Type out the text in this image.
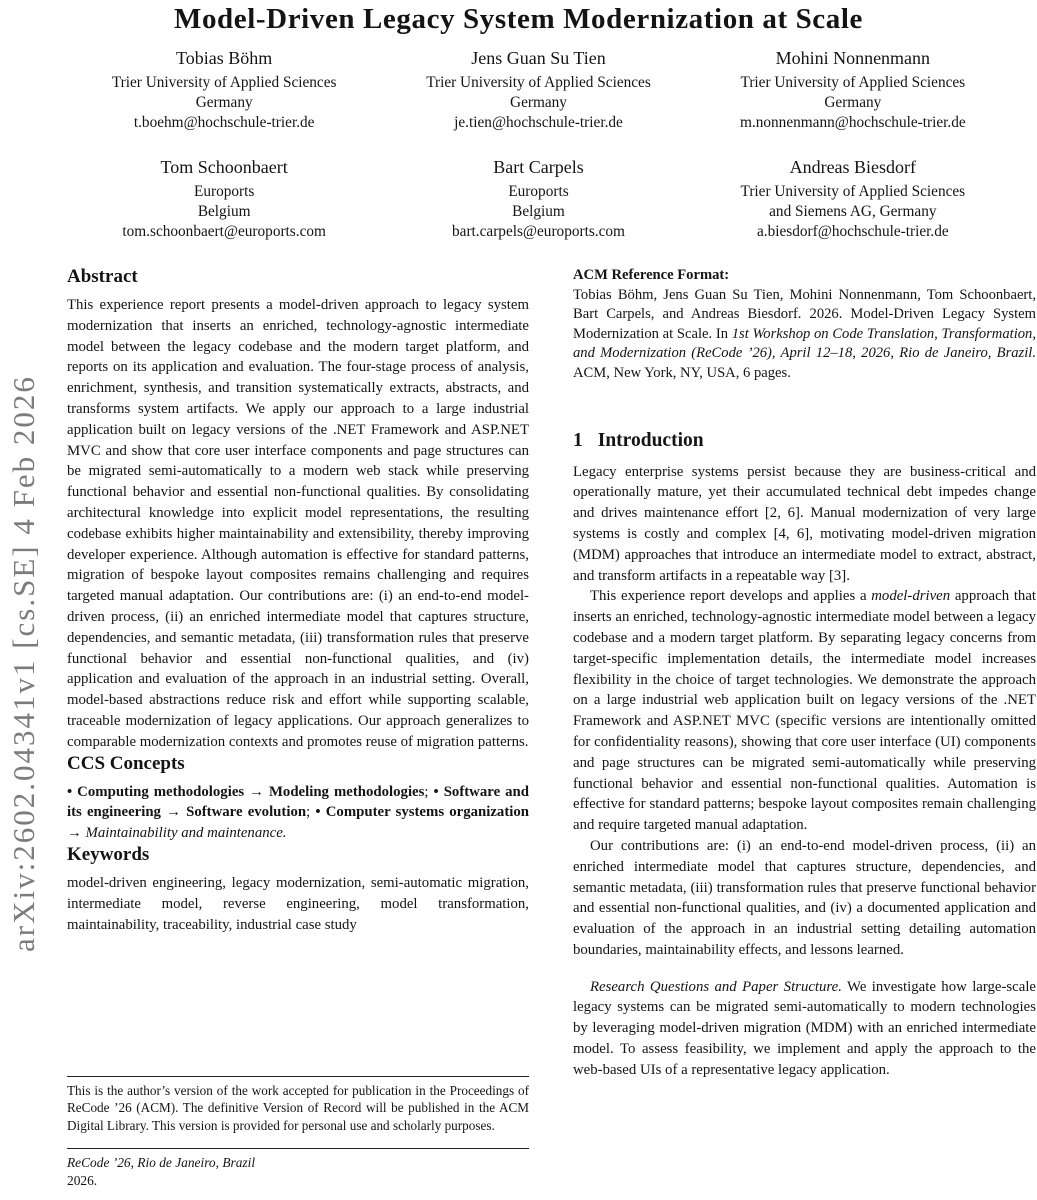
arXiv:2602.04341v1 [cs.SE] 4 Feb 2026
Model-Driven Legacy System Modernization at Scale
Tobias Böhm
Trier University of Applied Sciences
Germany
t.boehm@hochschule-trier.de
Jens Guan Su Tien
Trier University of Applied Sciences
Germany
je.tien@hochschule-trier.de
Mohini Nonnenmann
Trier University of Applied Sciences
Germany
m.nonnenmann@hochschule-trier.de
Tom Schoonbaert
Euroports
Belgium
tom.schoonbaert@euroports.com
Bart Carpels
Euroports
Belgium
bart.carpels@euroports.com
Andreas Biesdorf
Trier University of Applied Sciences
and Siemens AG, Germany
a.biesdorf@hochschule-trier.de
Abstract

This experience report presents a model-driven approach to legacy system modernization that inserts an enriched, technology-agnostic intermediate model between the legacy codebase and the modern target platform, and reports on its application and evaluation. The four-stage process of analysis, enrichment, synthesis, and transition systematically extracts, abstracts, and transforms system artifacts. We apply our approach to a large industrial application built on legacy versions of the .NET Framework and ASP.NET MVC and show that core user interface components and page structures can be migrated semi-automatically to a modern web stack while preserving functional behavior and essential non-functional qualities. By consolidating architectural knowledge into explicit model representations, the resulting codebase exhibits higher maintainability and extensibility, thereby improving developer experience. Although automation is effective for standard patterns, migration of bespoke layout composites remains challenging and requires targeted manual adaptation. Our contributions are: (i) an end-to-end model-driven process, (ii) an enriched intermediate model that captures structure, dependencies, and semantic metadata, (iii) transformation rules that preserve functional behavior and essential non-functional qualities, and (iv) application and evaluation of the approach in an industrial setting. Overall, model-based abstractions reduce risk and effort while supporting scalable, traceable modernization of legacy applications. Our approach generalizes to comparable modernization contexts and promotes reuse of migration patterns.

CCS Concepts

• Computing methodologies → Modeling methodologies; • Software and its engineering → Software evolution; • Computer systems organization → Maintainability and maintenance.

Keywords

model-driven engineering, legacy modernization, semi-automatic migration, intermediate model, reverse engineering, model transformation, maintainability, traceability, industrial case study

This is the author’s version of the work accepted for publication in the Proceedings of ReCode ’26 (ACM). The definitive Version of Record will be published in the ACM Digital Library. This version is provided for personal use and scholarly purposes.

ReCode ’26, Rio de Janeiro, Brazil
2026.
ACM Reference Format:

Tobias Böhm, Jens Guan Su Tien, Mohini Nonnenmann, Tom Schoonbaert, Bart Carpels, and Andreas Biesdorf. 2026. Model-Driven Legacy System Modernization at Scale. In 1st Workshop on Code Translation, Transformation, and Modernization (ReCode ’26), April 12–18, 2026, Rio de Janeiro, Brazil. ACM, New York, NY, USA, 6 pages.

1 Introduction

Legacy enterprise systems persist because they are business-critical and operationally mature, yet their accumulated technical debt impedes change and drives maintenance effort [2, 6]. Manual modernization of very large systems is costly and complex [4, 6], motivating model-driven migration (MDM) approaches that introduce an intermediate model to extract, abstract, and transform artifacts in a repeatable way [3].

This experience report develops and applies a model-driven approach that inserts an enriched, technology-agnostic intermediate model between a legacy codebase and a modern target platform. By separating legacy concerns from target-specific implementation details, the intermediate model increases flexibility in the choice of target technologies. We demonstrate the approach on a large industrial web application built on legacy versions of the .NET Framework and ASP.NET MVC (specific versions are intentionally omitted for confidentiality reasons), showing that core user interface (UI) components and page structures can be migrated semi-automatically while preserving functional behavior and essential non-functional qualities. Automation is effective for standard patterns; bespoke layout composites remain challenging and require targeted manual adaptation.

Our contributions are: (i) an end-to-end model-driven process, (ii) an enriched intermediate model that captures structure, dependencies, and semantic metadata, (iii) transformation rules that preserve functional behavior and essential non-functional qualities, and (iv) a documented application and evaluation of the approach in an industrial setting detailing automation boundaries, maintainability effects, and lessons learned.

Research Questions and Paper Structure. We investigate how large-scale legacy systems can be migrated semi-automatically to modern technologies by leveraging model-driven migration (MDM) with an enriched intermediate model. To assess feasibility, we implement and apply the approach to the web-based UIs of a representative legacy application.
